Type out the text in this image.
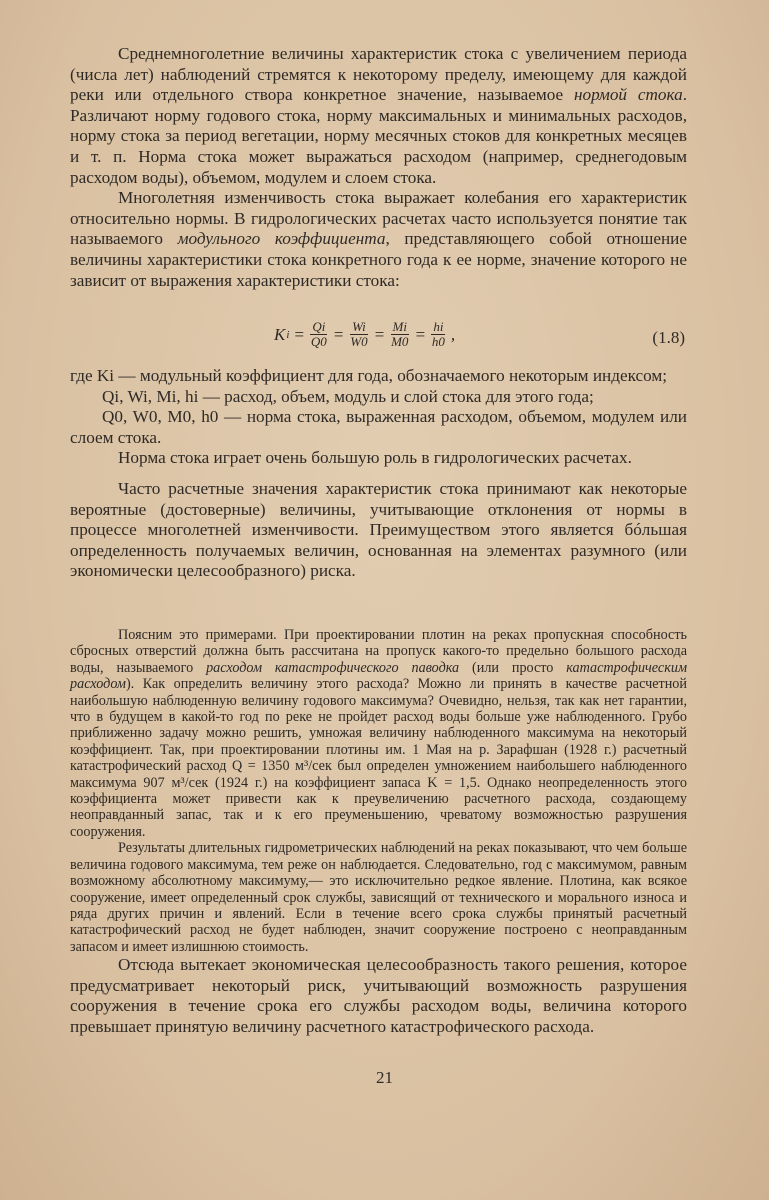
Среднемноголетние величины характеристик стока с увеличением периода (числа лет) наблюдений стремятся к некоторому пределу, имеющему для каждой реки или отдельного створа конкретное значение, называемое нормой стока. Различают норму годового стока, норму максимальных и минимальных расходов, норму стока за период вегетации, норму месячных стоков для конкретных месяцев и т. п. Норма стока может выражаться расходом (например, среднегодовым расходом воды), объемом, модулем и слоем стока.

Многолетняя изменчивость стока выражает колебания его характеристик относительно нормы. В гидрологических расчетах часто используется понятие так называемого модульного коэффициента, представляющего собой отношение величины характеристики стока конкретного года к ее норме, значение которого не зависит от выражения характеристики стока:

K $i = \frac{Qi}{Q0} = \frac{Wi}{W0} = \frac{Mi}{M0} = \frac{hi}{h0}$ ,	(1.8)

где Ki — модульный коэффициент для года, обозначаемого некоторым индексом;

Qi, Wi, Mi, hi — расход, объем, модуль и слой стока для этого года;

Q0, W0, M0, h0 — норма стока, выраженная расходом, объемом, модулем или слоем стока.

Норма стока играет очень большую роль в гидрологических расчетах.

Часто расчетные значения характеристик стока принимают как некоторые вероятные (достоверные) величины, учитывающие отклонения от нормы в процессе многолетней изменчивости. Преимуществом этого является бóльшая определенность получаемых величин, основанная на элементах разумного (или экономически целесообразного) риска.

Поясним это примерами. При проектировании плотин на реках пропускная способность сбросных отверстий должна быть рассчитана на пропуск какого-то предельно большого расхода воды, называемого расходом катастрофического паводка (или просто катастрофическим расходом). Как определить величину этого расхода? Можно ли принять в качестве расчетной наибольшую наблюденную величину годового максимума? Очевидно, нельзя, так как нет гарантии, что в будущем в какой-то год по реке не пройдет расход воды больше уже наблюденного. Грубо приближенно задачу можно решить, умножая величину наблюденного максимума на некоторый коэффициент. Так, при проектировании плотины им. 1 Мая на р. Зарафшан (1928 г.) расчетный катастрофический расход Q = 1350 м³/сек был определен умножением наибольшего наблюденного максимума 907 м³/сек (1924 г.) на коэффициент запаса K = 1,5. Однако неопределенность этого коэффициента может привести как к преувеличению расчетного расхода, создающему неоправданный запас, так и к его преуменьшению, чреватому возможностью разрушения сооружения.

Результаты длительных гидрометрических наблюдений на реках показывают, что чем больше величина годового максимума, тем реже он наблюдается. Следовательно, год с максимумом, равным возможному абсолютному максимуму,— это исключительно редкое явление. Плотина, как всякое сооружение, имеет определенный срок службы, зависящий от технического и морального износа и ряда других причин и явлений. Если в течение всего срока службы принятый расчетный катастрофический расход не будет наблюден, значит сооружение построено с неоправданным запасом и имеет излишнюю стоимость.

Отсюда вытекает экономическая целесообразность такого решения, которое предусматривает некоторый риск, учитывающий возможность разрушения сооружения в течение срока его службы расходом воды, величина которого превышает принятую величину расчетного катастрофического расхода.

21
